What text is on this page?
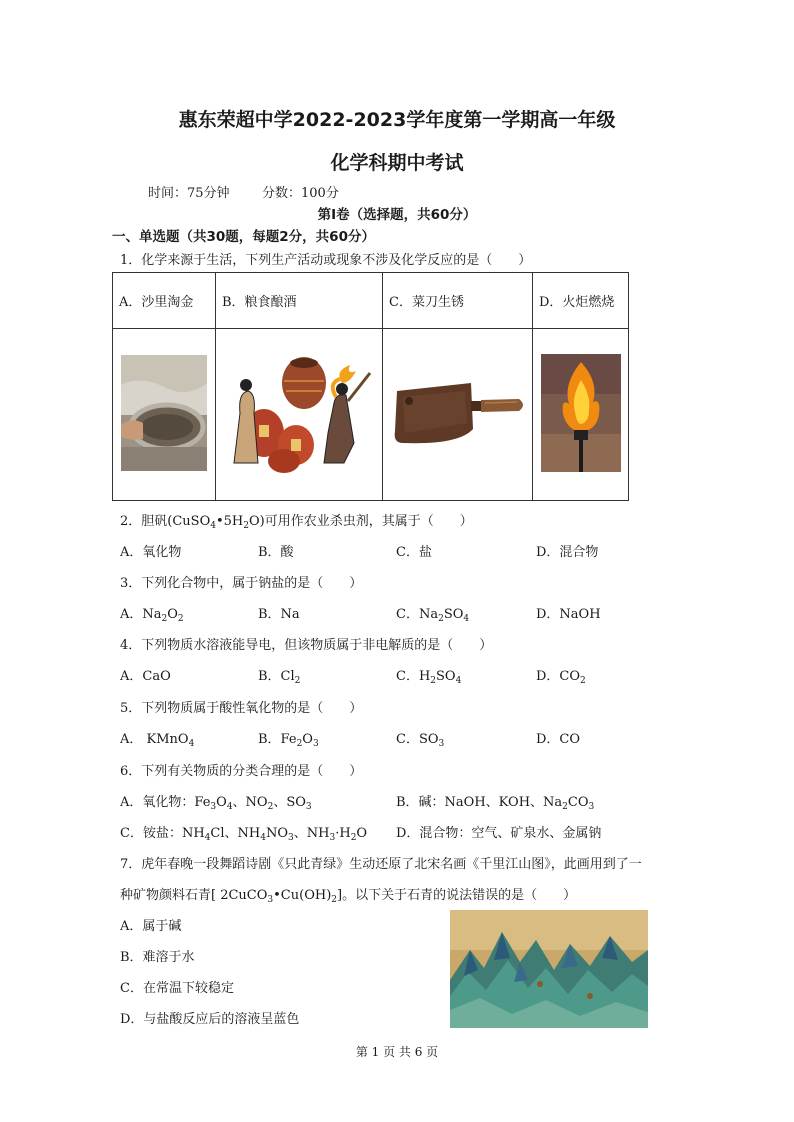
惠东荣超中学2022-2023学年度第一学期高一年级
化学科期中考试
时间：75分钟 分数：100分
第Ⅰ卷（选择题，共60分）
一、单选题（共30题，每题2分，共60分）
1．化学来源于生活，下列生产活动或现象不涉及化学反应的是（　　）
A．沙里淘金	B．粮食酿酒	C．菜刀生锈	D．火炬燃烧

2．胆矾$(CuSO_4•5H_2O)$可用作农业杀虫剂，其属于（　　）
A．氧化物	B．酸	C．盐	D．混合物
3．下列化合物中，属于钠盐的是（　　）
A．$Na_2O_2$	B．Na	C．$Na_2SO_4$	D．NaOH
4．下列物质水溶液能导电，但该物质属于非电解质的是（　　）
A．CaO	B．$Cl_2$	C．$H_2SO_4$	D．$CO_2$
5．下列物质属于酸性氧化物的是（　　）
A． KMnO$_4$	B．$Fe_2O_3$	C．$SO_3$	D．CO
6．下列有关物质的分类合理的是（　　）
A．氧化物：$Fe_3O_4$、$NO_2$、$SO_3$	B．碱：NaOH、KOH、$Na_2CO_3$
C．铵盐：$NH_4Cl$、$NH_4NO_3$、$NH_3\cdot H_2O$ D．混合物：空气、矿泉水、金属钠
7．虎年春晚一段舞蹈诗剧《只此青绿》生动还原了北宋名画《千里江山图》，此画用到了一
种矿物颜料石青[ $2CuCO_3•Cu(OH)_2$]。以下关于石青的说法错误的是（　　）
A．属于碱
B．难溶于水
C．在常温下较稳定
D．与盐酸反应后的溶液呈蓝色
第 1 页 共 6 页
